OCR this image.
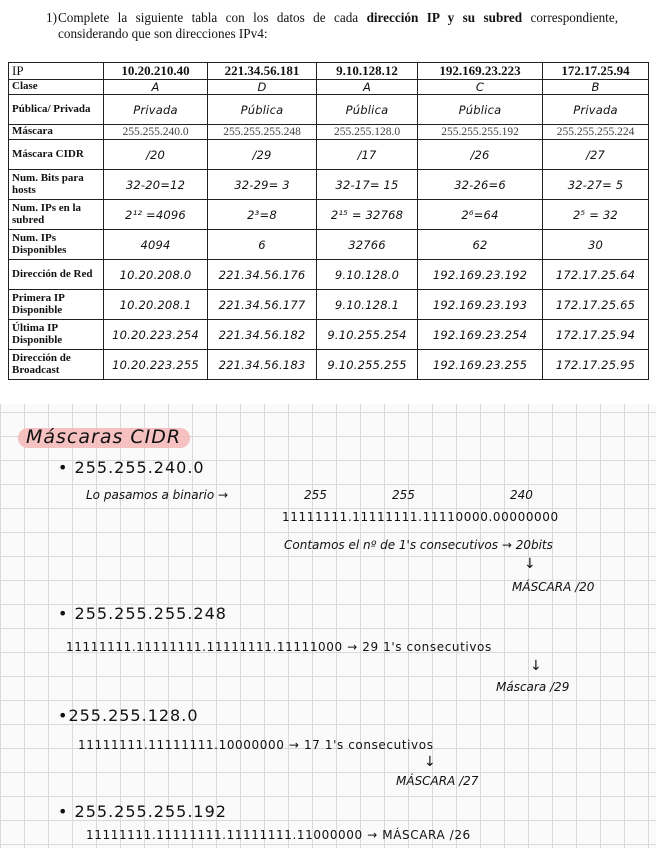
1) Complete la siguiente tabla con los datos de cada dirección IP y su subred correspondiente, considerando que son direcciones IPv4:
IP	10.20.210.40	221.34.56.181	9.10.128.12	192.169.23.223	172.17.25.94
Clase	A	D	A	C	B
Pública/ Privada	Privada	Pública	Pública	Pública	Privada
Máscara	255.255.240.0	255.255.255.248	255.255.128.0	255.255.255.192	255.255.255.224
Máscara CIDR	/20	/29	/17	/26	/27
Num. Bits para hosts	32-20=12	32-29= 3	32-17= 15	32-26=6	32-27= 5
Num. IPs en la subred	2¹² =4096	2³=8	2¹⁵ = 32768	2⁶=64	2⁵ = 32
Num. IPs Disponibles	4094	6	32766	62	30
Dirección de Red	10.20.208.0	221.34.56.176	9.10.128.0	192.169.23.192	172.17.25.64
Primera IP Disponible	10.20.208.1	221.34.56.177	9.10.128.1	192.169.23.193	172.17.25.65
Última IP Disponible	10.20.223.254	221.34.56.182	9.10.255.254	192.169.23.254	172.17.25.94
Dirección de Broadcast	10.20.223.255	221.34.56.183	9.10.255.255	192.169.23.255	172.17.25.95
Máscaras CIDR
• 255.255.240.0
Lo pasamos a binario →	255	255	240
11111111.11111111.11110000.00000000
Contamos el nº de 1's consecutivos → 20bits
↓
MÁSCARA /20
• 255.255.255.248
11111111.11111111.11111111.11111000 → 29 1's consecutivos
↓
Máscara /29
•255.255.128.0
11111111.11111111.10000000 → 17 1's consecutivos
↓
MÁSCARA /27
• 255.255.255.192
11111111.11111111.11111111.11000000 → MÁSCARA /26
